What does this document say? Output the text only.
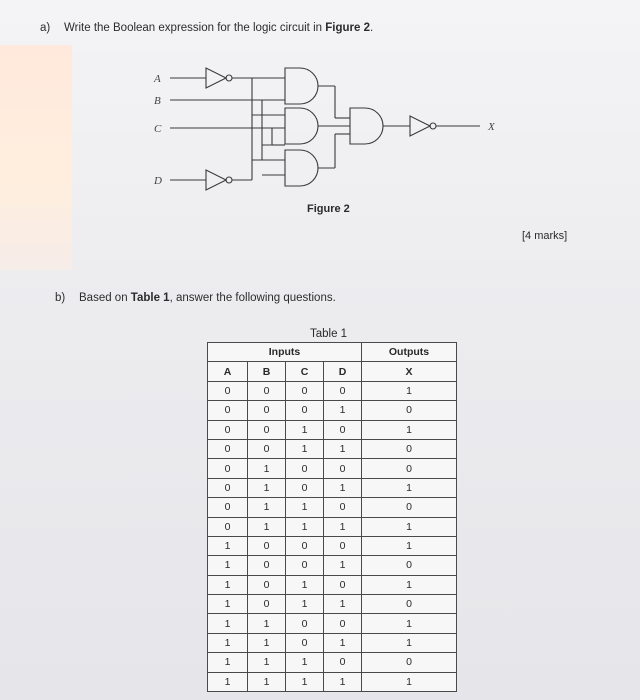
a) Write the Boolean expression for the logic circuit in Figure 2.
A
B
C
D
X
Figure 2
[4 marks]
b) Based on Table 1, answer the following questions.
Table 1
Inputs				Outputs
A	B	C	D	X
0	0	0	0	1
0	0	0	1	0
0	0	1	0	1
0	0	1	1	0
0	1	0	0	0
0	1	0	1	1
0	1	1	0	0
0	1	1	1	1
1	0	0	0	1
1	0	0	1	0
1	0	1	0	1
1	0	1	1	0
1	1	0	0	1
1	1	0	1	1
1	1	1	0	0
1	1	1	1	1
